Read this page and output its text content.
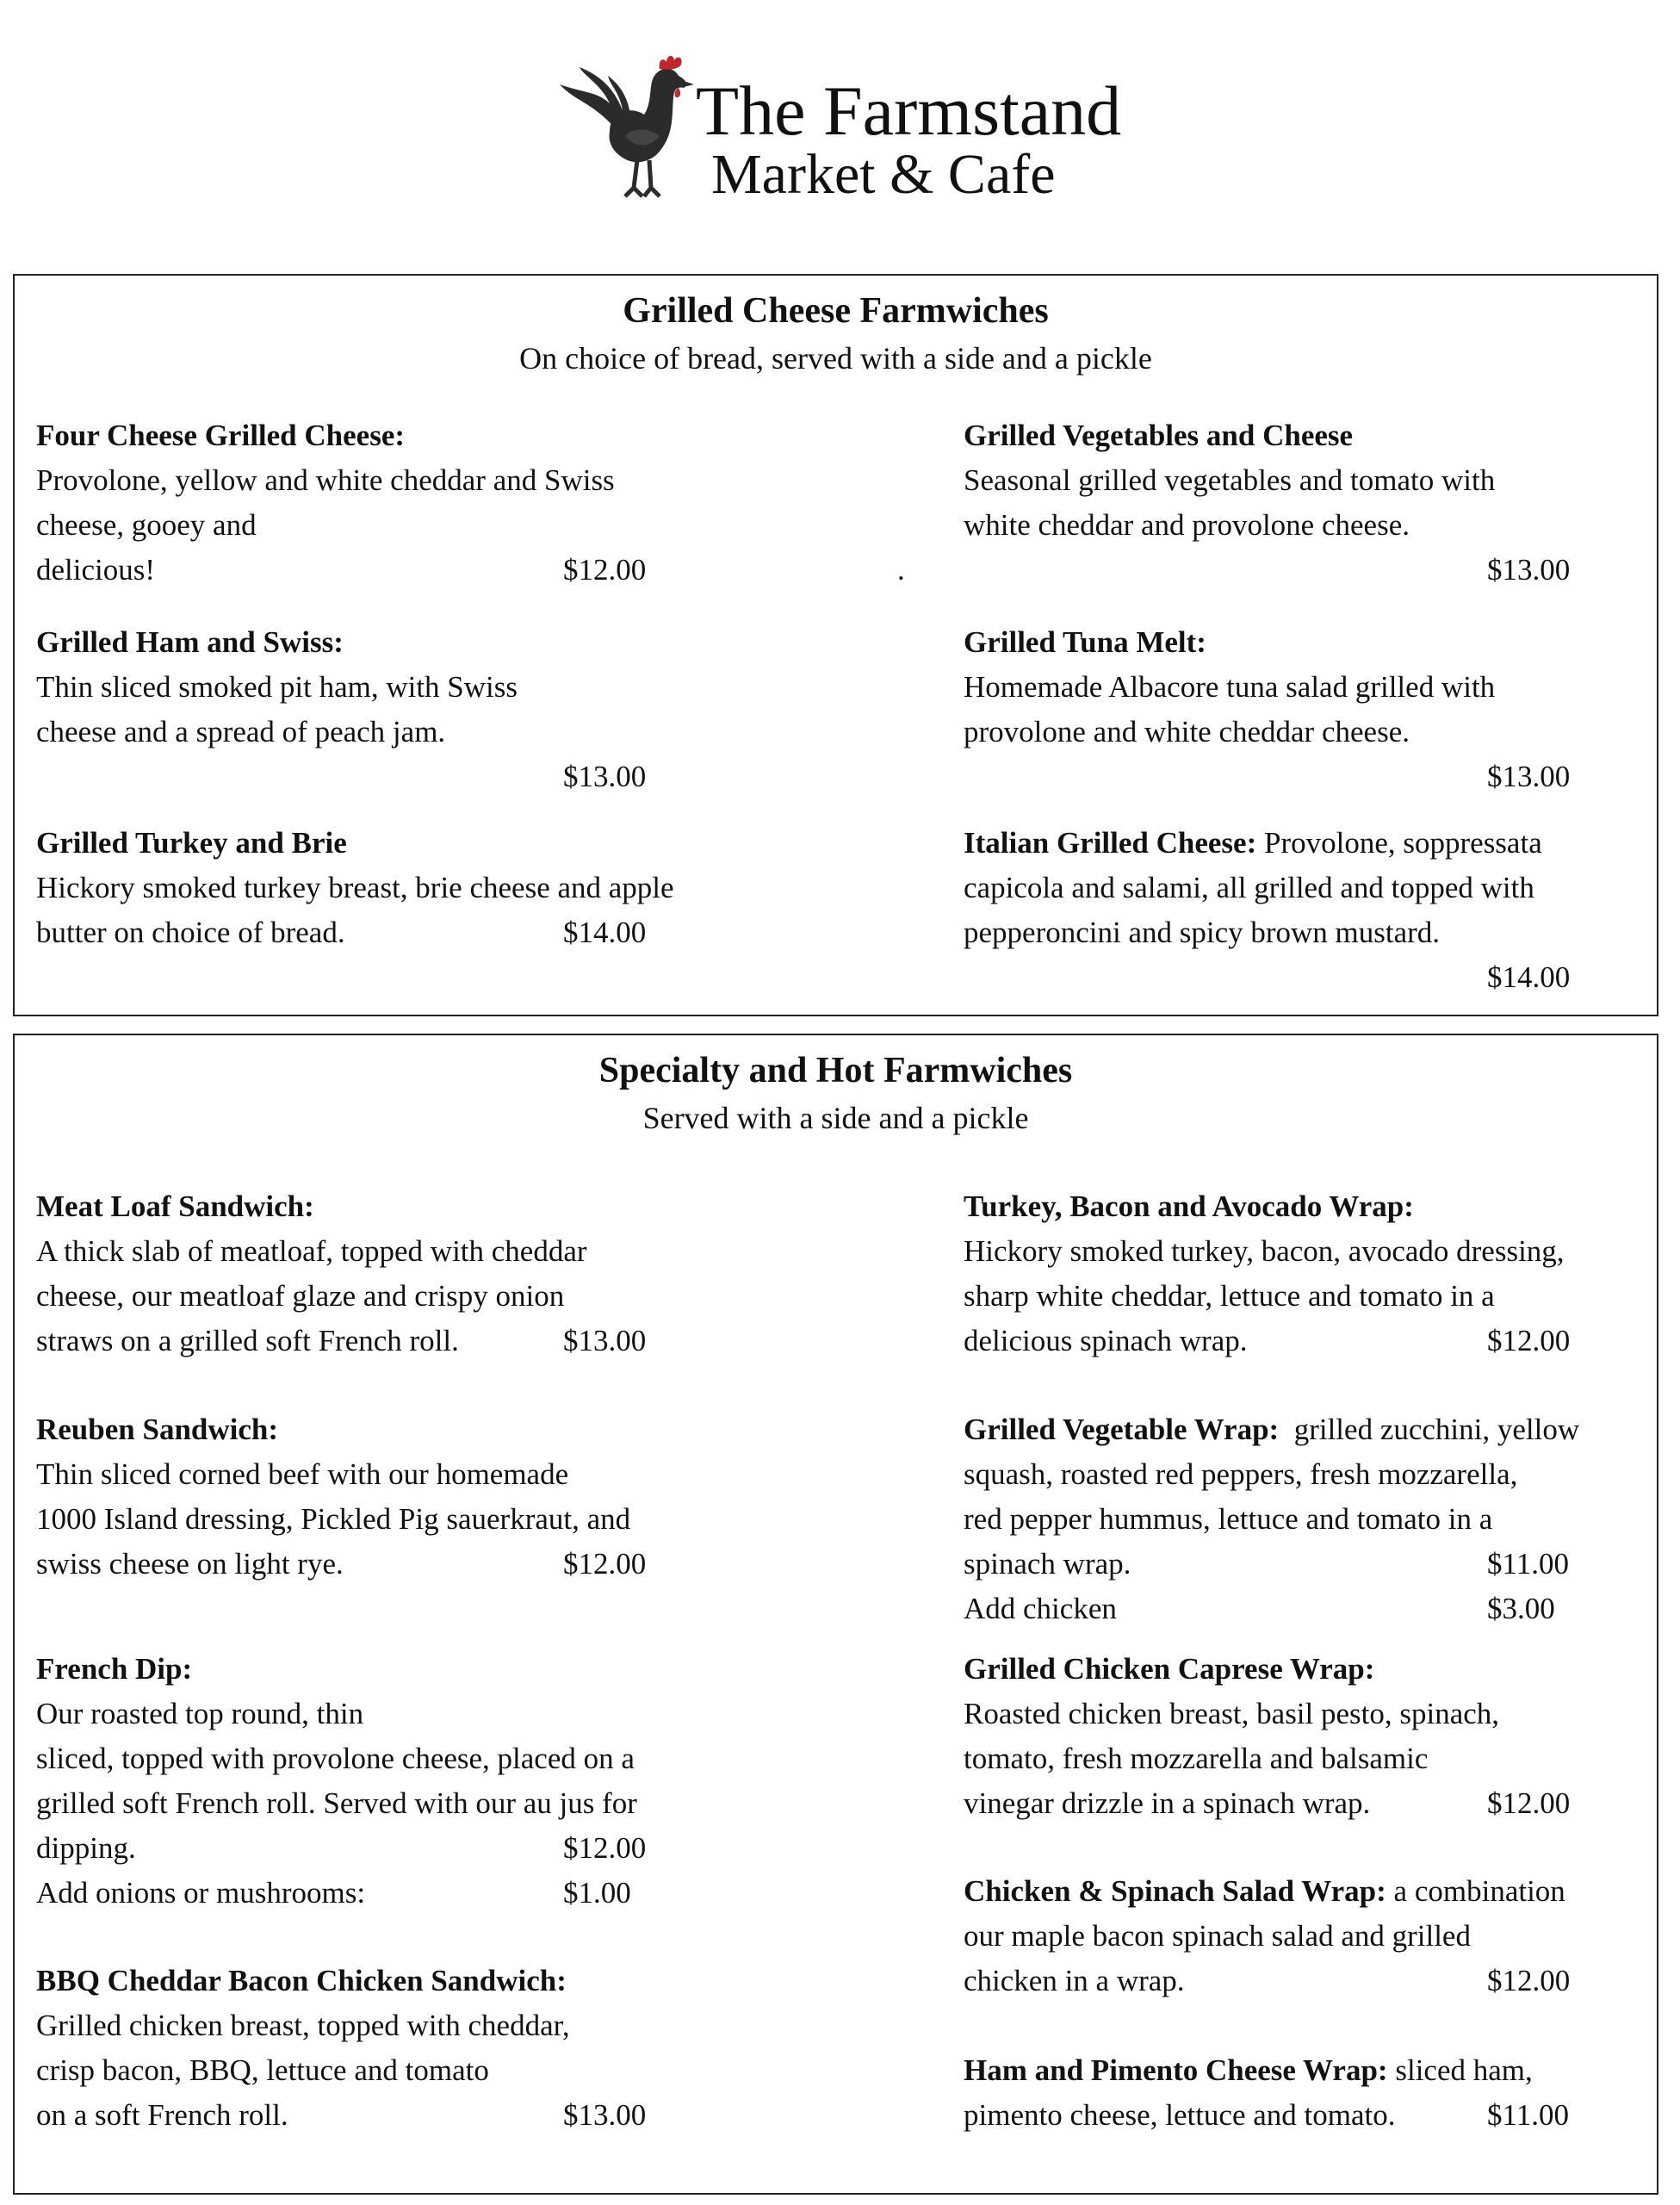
The Farmstand
Market & Cafe
Grilled Cheese Farmwiches
On choice of bread, served with a side and a pickle
Four Cheese Grilled Cheese:
Provolone, yellow and white cheddar and Swiss
cheese, gooey and
delicious!	$12.00	.
Grilled Vegetables and Cheese
Seasonal grilled vegetables and tomato with
white cheddar and provolone cheese.
$13.00
Grilled Ham and Swiss:
Thin sliced smoked pit ham, with Swiss
cheese and a spread of peach jam.
$13.00
Grilled Tuna Melt:
Homemade Albacore tuna salad grilled with
provolone and white cheddar cheese.
$13.00
Grilled Turkey and Brie
Hickory smoked turkey breast, brie cheese and apple
butter on choice of bread.	$14.00
Italian Grilled Cheese: Provolone, soppressata
capicola and salami, all grilled and topped with
pepperoncini and spicy brown mustard.
$14.00
Specialty and Hot Farmwiches
Served with a side and a pickle
Meat Loaf Sandwich:
A thick slab of meatloaf, topped with cheddar
cheese, our meatloaf glaze and crispy onion
straws on a grilled soft French roll.	$13.00
Turkey, Bacon and Avocado Wrap:
Hickory smoked turkey, bacon, avocado dressing,
sharp white cheddar, lettuce and tomato in a
delicious spinach wrap.	$12.00
Reuben Sandwich:
Thin sliced corned beef with our homemade
1000 Island dressing, Pickled Pig sauerkraut, and
swiss cheese on light rye.	$12.00
Grilled Vegetable Wrap:  grilled zucchini, yellow
squash, roasted red peppers, fresh mozzarella,
red pepper hummus, lettuce and tomato in a
spinach wrap.	$11.00
Add chicken	$3.00
French Dip:
Our roasted top round, thin
sliced, topped with provolone cheese, placed on a
grilled soft French roll. Served with our au jus for
dipping.	$12.00
Add onions or mushrooms:	$1.00
Grilled Chicken Caprese Wrap:
Roasted chicken breast, basil pesto, spinach,
tomato, fresh mozzarella and balsamic
vinegar drizzle in a spinach wrap.	$12.00
Chicken & Spinach Salad Wrap: a combination
our maple bacon spinach salad and grilled
chicken in a wrap.	$12.00
BBQ Cheddar Bacon Chicken Sandwich:
Grilled chicken breast, topped with cheddar,
crisp bacon, BBQ, lettuce and tomato
on a soft French roll.	$13.00
Ham and Pimento Cheese Wrap: sliced ham,
pimento cheese, lettuce and tomato.	$11.00
